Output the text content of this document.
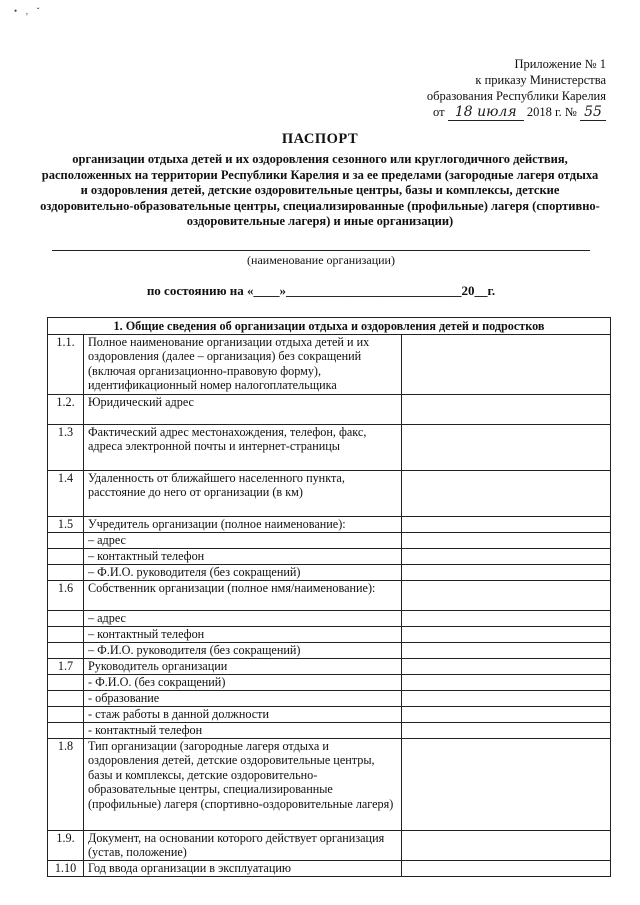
• ‚ ˇ
Приложение № 1
к приказу Министерства
образования Республики Карелия
от 18 июля 2018 г. № 55
ПАСПОРТ

организации отдыха детей и их оздоровления сезонного или круглогодичного действия, расположенных на территории Республики Карелия и за ее пределами (загородные лагеря отдыха и оздоровления детей, детские оздоровительные центры, базы и комплексы, детские оздоровительно-образовательные центры, специализированные (профильные) лагеря (спортивно-оздоровительные лагеря) и иные организации)

(наименование организации)
по состоянию на «____»___________________________20__г.
1. Общие сведения об организации отдыха и оздоровления детей и подростков		
1.1.	Полное наименование организации отдыха детей и их оздоровления (далее – организация) без сокращений (включая организационно-правовую форму), идентификационный номер налогоплательщика	
1.2.	Юридический адрес	
1.3	Фактический адрес местонахождения, телефон, факс, адреса электронной почты и интернет-страницы	
1.4	Удаленность от ближайшего населенного пункта, расстояние до него от организации (в км)	
1.5	Учредитель организации (полное наименование):	
	– адрес	
	– контактный телефон	
	– Ф.И.О. руководителя (без сокращений)	
1.6	Собственник организации (полное нмя/наименование):	
	– адрес	
	– контактный телефон	
	– Ф.И.О. руководителя (без сокращений)	
1.7	Руководитель организации	
	- Ф.И.О. (без сокращений)	
	- образование	
	- стаж работы в данной должности	
	- контактный телефон	
1.8	Тип организации (загородные лагеря отдыха и оздоровления детей, детские оздоровительные центры, базы и комплексы, детские оздоровительно-образовательные центры, специализированные (профильные) лагеря (спортивно-оздоровительные лагеря)	
1.9.	Документ, на основании которого действует организация (устав, положение)	
1.10	Год ввода организации в эксплуатацию	
